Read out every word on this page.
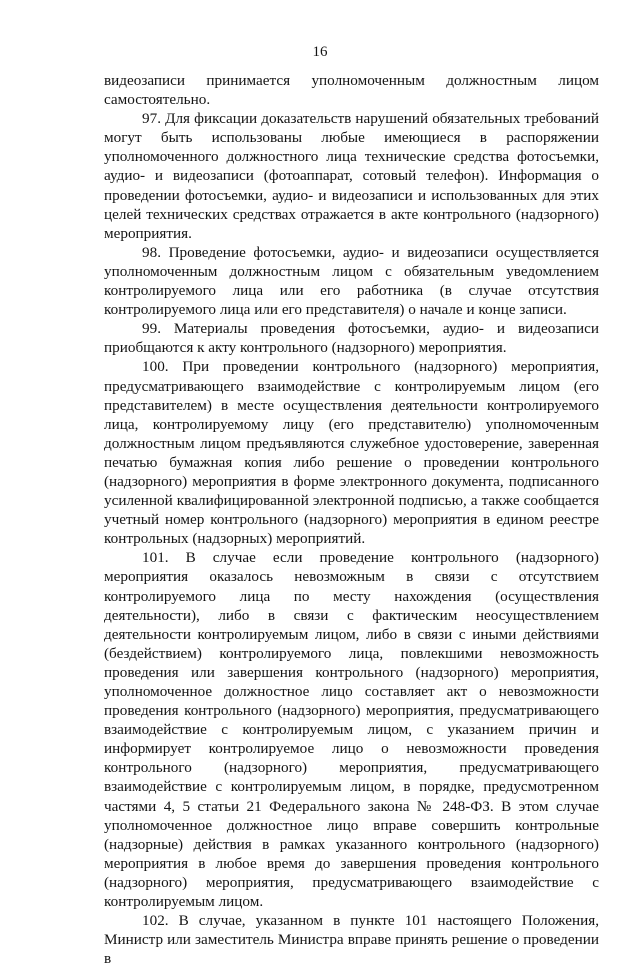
16

видеозаписи принимается уполномоченным должностным лицом самостоятельно.

97. Для фиксации доказательств нарушений обязательных требований могут быть использованы любые имеющиеся в распоряжении уполномоченного должностного лица технические средства фотосъемки, аудио- и видеозаписи (фотоаппарат, сотовый телефон). Информация о проведении фотосъемки, аудио- и видеозаписи и использованных для этих целей технических средствах отражается в акте контрольного (надзорного) мероприятия.

98. Проведение фотосъемки, аудио- и видеозаписи осуществляется уполномоченным должностным лицом с обязательным уведомлением контролируемого лица или его работника (в случае отсутствия контролируемого лица или его представителя) о начале и конце записи.

99. Материалы проведения фотосъемки, аудио- и видеозаписи приобщаются к акту контрольного (надзорного) мероприятия.

100. При проведении контрольного (надзорного) мероприятия, предусматривающего взаимодействие с контролируемым лицом (его представителем) в месте осуществления деятельности контролируемого лица, контролируемому лицу (его представителю) уполномоченным должностным лицом предъявляются служебное удостоверение, заверенная печатью бумажная копия либо решение о проведении контрольного (надзорного) мероприятия в форме электронного документа, подписанного усиленной квалифицированной электронной подписью, а также сообщается учетный номер контрольного (надзорного) мероприятия в едином реестре контрольных (надзорных) мероприятий.

101. В случае если проведение контрольного (надзорного) мероприятия оказалось невозможным в связи с отсутствием контролируемого лица по месту нахождения (осуществления деятельности), либо в связи с фактическим неосуществлением деятельности контролируемым лицом, либо в связи с иными действиями (бездействием) контролируемого лица, повлекшими невозможность проведения или завершения контрольного (надзорного) мероприятия, уполномоченное должностное лицо составляет акт о невозможности проведения контрольного (надзорного) мероприятия, предусматривающего взаимодействие с контролируемым лицом, с указанием причин и информирует контролируемое лицо о невозможности проведения контрольного (надзорного) мероприятия, предусматривающего взаимодействие с контролируемым лицом, в порядке, предусмотренном частями 4, 5 статьи 21 Федерального закона № 248-ФЗ. В этом случае уполномоченное должностное лицо вправе совершить контрольные (надзорные) действия в рамках указанного контрольного (надзорного) мероприятия в любое время до завершения проведения контрольного (надзорного) мероприятия, предусматривающего взаимодействие с контролируемым лицом.

102. В случае, указанном в пункте 101 настоящего Положения, Министр или заместитель Министра вправе принять решение о проведении в
